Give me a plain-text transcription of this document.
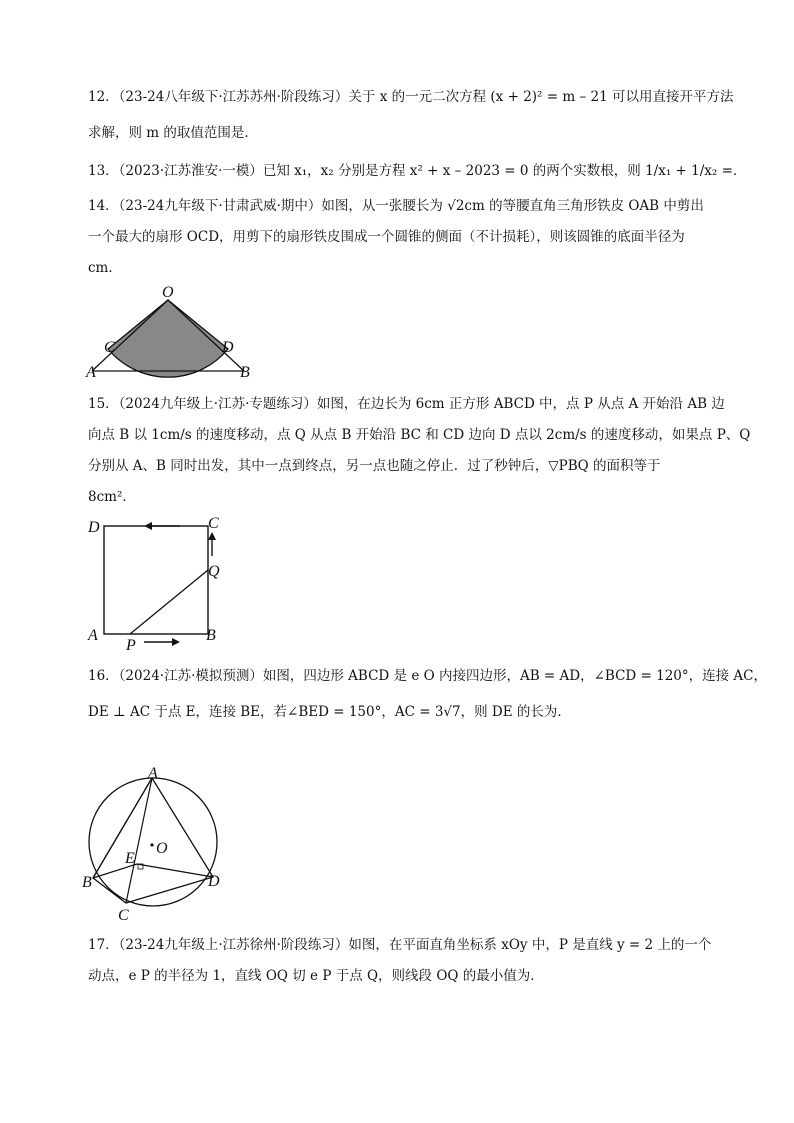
12．（23-24八年级下·江苏苏州·阶段练习）关于 x 的一元二次方程 (x + 2)² = m – 21 可以用直接开平方法
求解，则 m 的取值范围是.
13．（2023·江苏淮安·一模）已知 x₁，x₂ 分别是方程 x² + x – 2023 = 0 的两个实数根，则 1/x₁ + 1/x₂ =．
14．（23-24九年级下·甘肃武威·期中）如图，从一张腰长为 √2cm 的等腰直角三角形铁皮 OAB 中剪出
一个最大的扇形 OCD，用剪下的扇形铁皮围成一个圆锥的侧面（不计损耗），则该圆锥的底面半径为
cm．
O
C	D
A	B
15．（2024九年级上·江苏·专题练习）如图，在边长为 6cm 正方形 ABCD 中，点 P 从点 A 开始沿 AB 边
向点 B 以 1cm/s 的速度移动，点 Q 从点 B 开始沿 BC 和 CD 边向 D 点以 2cm/s 的速度移动，如果点 P、Q
分别从 A、B 同时出发，其中一点到终点，另一点也随之停止．过了秒钟后，▽PBQ 的面积等于
8cm²．
D	C
Q
A
P
B
16．（2024·江苏·模拟预测）如图，四边形 ABCD 是 e O 内接四边形，AB = AD，∠BCD = 120°，连接 AC，
DE ⊥ AC 于点 E，连接 BE，若∠BED = 150°，AC = 3√7，则 DE 的长为．
A
O
E
B	D
C
17．（23-24九年级上·江苏徐州·阶段练习）如图，在平面直角坐标系 xOy 中，P 是直线 y = 2 上的一个
动点，e P 的半径为 1，直线 OQ 切 e P 于点 Q，则线段 OQ 的最小值为．
